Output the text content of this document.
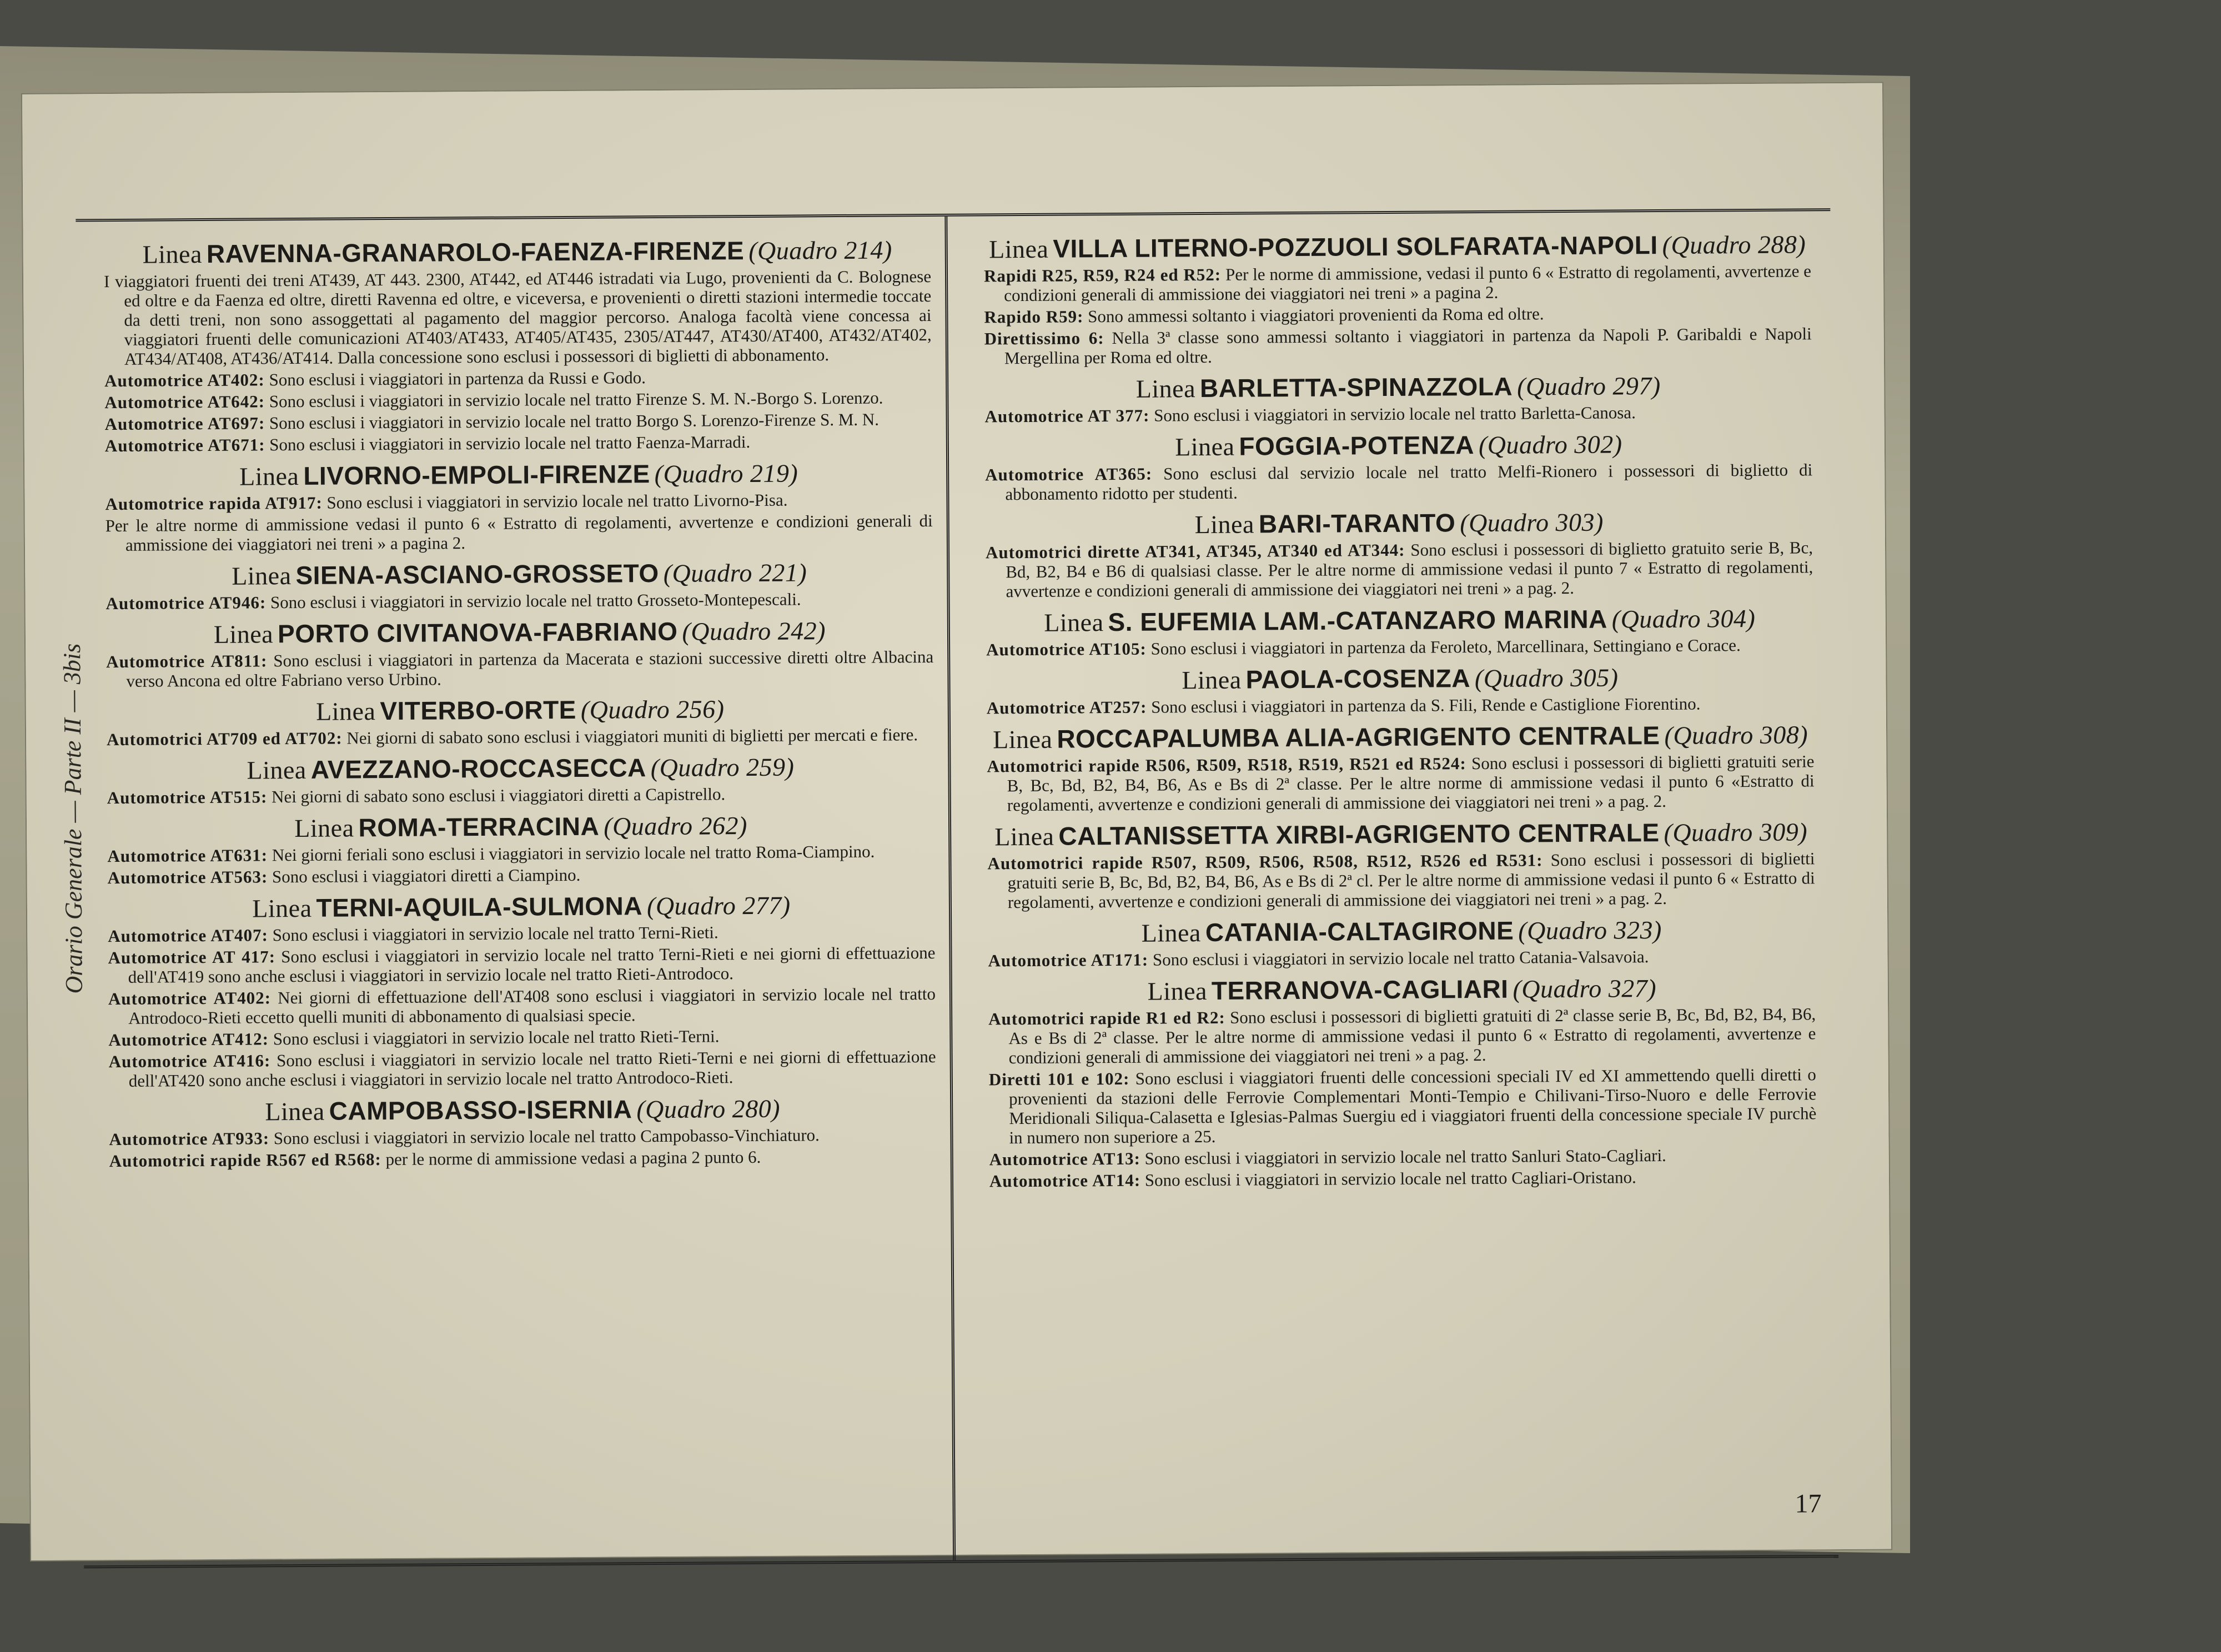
Orario Generale — Parte II — 3bis
Linea RAVENNA-GRANAROLO-FAENZA-FIRENZE (Quadro 214)
I viaggiatori fruenti dei treni AT439, AT 443. 2300, AT442, ed AT446 istradati via Lugo, provenienti da C. Bolognese ed oltre e da Faenza ed oltre, diretti Ravenna ed oltre, e viceversa, e provenienti o diretti stazioni intermedie toccate da detti treni, non sono assoggettati al pagamento del maggior percorso. Analoga facoltà viene concessa ai viaggiatori fruenti delle comunicazioni AT403/AT433, AT405/AT435, 2305/AT447, AT430/AT400, AT432/AT402, AT434/AT408, AT436/AT414. Dalla concessione sono esclusi i possessori di biglietti di abbonamento.
Automotrice AT402: Sono esclusi i viaggiatori in partenza da Russi e Godo.
Automotrice AT642: Sono esclusi i viaggiatori in servizio locale nel tratto Firenze S. M. N.-Borgo S. Lorenzo.
Automotrice AT697: Sono esclusi i viaggiatori in servizio locale nel tratto Borgo S. Lorenzo-Firenze S. M. N.
Automotrice AT671: Sono esclusi i viaggiatori in servizio locale nel tratto Faenza-Marradi.
Linea LIVORNO-EMPOLI-FIRENZE (Quadro 219)
Automotrice rapida AT917: Sono esclusi i viaggiatori in servizio locale nel tratto Livorno-Pisa.
Per le altre norme di ammissione vedasi il punto 6 « Estratto di regolamenti, avvertenze e condizioni generali di ammissione dei viaggiatori nei treni » a pagina 2.
Linea SIENA-ASCIANO-GROSSETO (Quadro 221)
Automotrice AT946: Sono esclusi i viaggiatori in servizio locale nel tratto Grosseto-Montepescali.
Linea PORTO CIVITANOVA-FABRIANO (Quadro 242)
Automotrice AT811: Sono esclusi i viaggiatori in partenza da Macerata e stazioni successive diretti oltre Albacina verso Ancona ed oltre Fabriano verso Urbino.
Linea VITERBO-ORTE (Quadro 256)
Automotrici AT709 ed AT702: Nei giorni di sabato sono esclusi i viaggiatori muniti di biglietti per mercati e fiere.
Linea AVEZZANO-ROCCASECCA (Quadro 259)
Automotrice AT515: Nei giorni di sabato sono esclusi i viaggiatori diretti a Capistrello.
Linea ROMA-TERRACINA (Quadro 262)
Automotrice AT631: Nei giorni feriali sono esclusi i viaggiatori in servizio locale nel tratto Roma-Ciampino.
Automotrice AT563: Sono esclusi i viaggiatori diretti a Ciampino.
Linea TERNI-AQUILA-SULMONA (Quadro 277)
Automotrice AT407: Sono esclusi i viaggiatori in servizio locale nel tratto Terni-Rieti.
Automotrice AT 417: Sono esclusi i viaggiatori in servizio locale nel tratto Terni-Rieti e nei giorni di effettuazione dell'AT419 sono anche esclusi i viaggiatori in servizio locale nel tratto Rieti-Antrodoco.
Automotrice AT402: Nei giorni di effettuazione dell'AT408 sono esclusi i viaggiatori in servizio locale nel tratto Antrodoco-Rieti eccetto quelli muniti di abbonamento di qualsiasi specie.
Automotrice AT412: Sono esclusi i viaggiatori in servizio locale nel tratto Rieti-Terni.
Automotrice AT416: Sono esclusi i viaggiatori in servizio locale nel tratto Rieti-Terni e nei giorni di effettuazione dell'AT420 sono anche esclusi i viaggiatori in servizio locale nel tratto Antrodoco-Rieti.
Linea CAMPOBASSO-ISERNIA (Quadro 280)
Automotrice AT933: Sono esclusi i viaggiatori in servizio locale nel tratto Campobasso-Vinchiaturo.
Automotrici rapide R567 ed R568: per le norme di ammissione vedasi a pagina 2 punto 6.
Linea VILLA LITERNO-POZZUOLI SOLFARATA-NAPOLI (Quadro 288)
Rapidi R25, R59, R24 ed R52: Per le norme di ammissione, vedasi il punto 6 « Estratto di regolamenti, avvertenze e condizioni generali di ammissione dei viaggiatori nei treni » a pagina 2.
Rapido R59: Sono ammessi soltanto i viaggiatori provenienti da Roma ed oltre.
Direttissimo 6: Nella 3ª classe sono ammessi soltanto i viaggiatori in partenza da Napoli P. Garibaldi e Napoli Mergellina per Roma ed oltre.
Linea BARLETTA-SPINAZZOLA (Quadro 297)
Automotrice AT 377: Sono esclusi i viaggiatori in servizio locale nel tratto Barletta-Canosa.
Linea FOGGIA-POTENZA (Quadro 302)
Automotrice AT365: Sono esclusi dal servizio locale nel tratto Melfi-Rionero i possessori di biglietto di abbonamento ridotto per studenti.
Linea BARI-TARANTO (Quadro 303)
Automotrici dirette AT341, AT345, AT340 ed AT344: Sono esclusi i possessori di biglietto gratuito serie B, Bc, Bd, B2, B4 e B6 di qualsiasi classe. Per le altre norme di ammissione vedasi il punto 7 « Estratto di regolamenti, avvertenze e condizioni generali di ammissione dei viaggiatori nei treni » a pag. 2.
Linea S. EUFEMIA LAM.-CATANZARO MARINA (Quadro 304)
Automotrice AT105: Sono esclusi i viaggiatori in partenza da Feroleto, Marcellinara, Settingiano e Corace.
Linea PAOLA-COSENZA (Quadro 305)
Automotrice AT257: Sono esclusi i viaggiatori in partenza da S. Fili, Rende e Castiglione Fiorentino.
Linea ROCCAPALUMBA ALIA-AGRIGENTO CENTRALE (Quadro 308)
Automotrici rapide R506, R509, R518, R519, R521 ed R524: Sono esclusi i possessori di biglietti gratuiti serie B, Bc, Bd, B2, B4, B6, As e Bs di 2ª classe. Per le altre norme di ammissione vedasi il punto 6 «Estratto di regolamenti, avvertenze e condizioni generali di ammissione dei viaggiatori nei treni » a pag. 2.
Linea CALTANISSETTA XIRBI-AGRIGENTO CENTRALE (Quadro 309)
Automotrici rapide R507, R509, R506, R508, R512, R526 ed R531: Sono esclusi i possessori di biglietti gratuiti serie B, Bc, Bd, B2, B4, B6, As e Bs di 2ª cl. Per le altre norme di ammissione vedasi il punto 6 « Estratto di regolamenti, avvertenze e condizioni generali di ammissione dei viaggiatori nei treni » a pag. 2.
Linea CATANIA-CALTAGIRONE (Quadro 323)
Automotrice AT171: Sono esclusi i viaggiatori in servizio locale nel tratto Catania-Valsavoia.
Linea TERRANOVA-CAGLIARI (Quadro 327)
Automotrici rapide R1 ed R2: Sono esclusi i possessori di biglietti gratuiti di 2ª classe serie B, Bc, Bd, B2, B4, B6, As e Bs di 2ª classe. Per le altre norme di ammissione vedasi il punto 6 « Estratto di regolamenti, avvertenze e condizioni generali di ammissione dei viaggiatori nei treni » a pag. 2.
Diretti 101 e 102: Sono esclusi i viaggiatori fruenti delle concessioni speciali IV ed XI ammettendo quelli diretti o provenienti da stazioni delle Ferrovie Complementari Monti-Tempio e Chilivani-Tirso-Nuoro e delle Ferrovie Meridionali Siliqua-Calasetta e Iglesias-Palmas Suergiu ed i viaggiatori fruenti della concessione speciale IV purchè in numero non superiore a 25.
Automotrice AT13: Sono esclusi i viaggiatori in servizio locale nel tratto Sanluri Stato-Cagliari.
Automotrice AT14: Sono esclusi i viaggiatori in servizio locale nel tratto Cagliari-Oristano.
17
